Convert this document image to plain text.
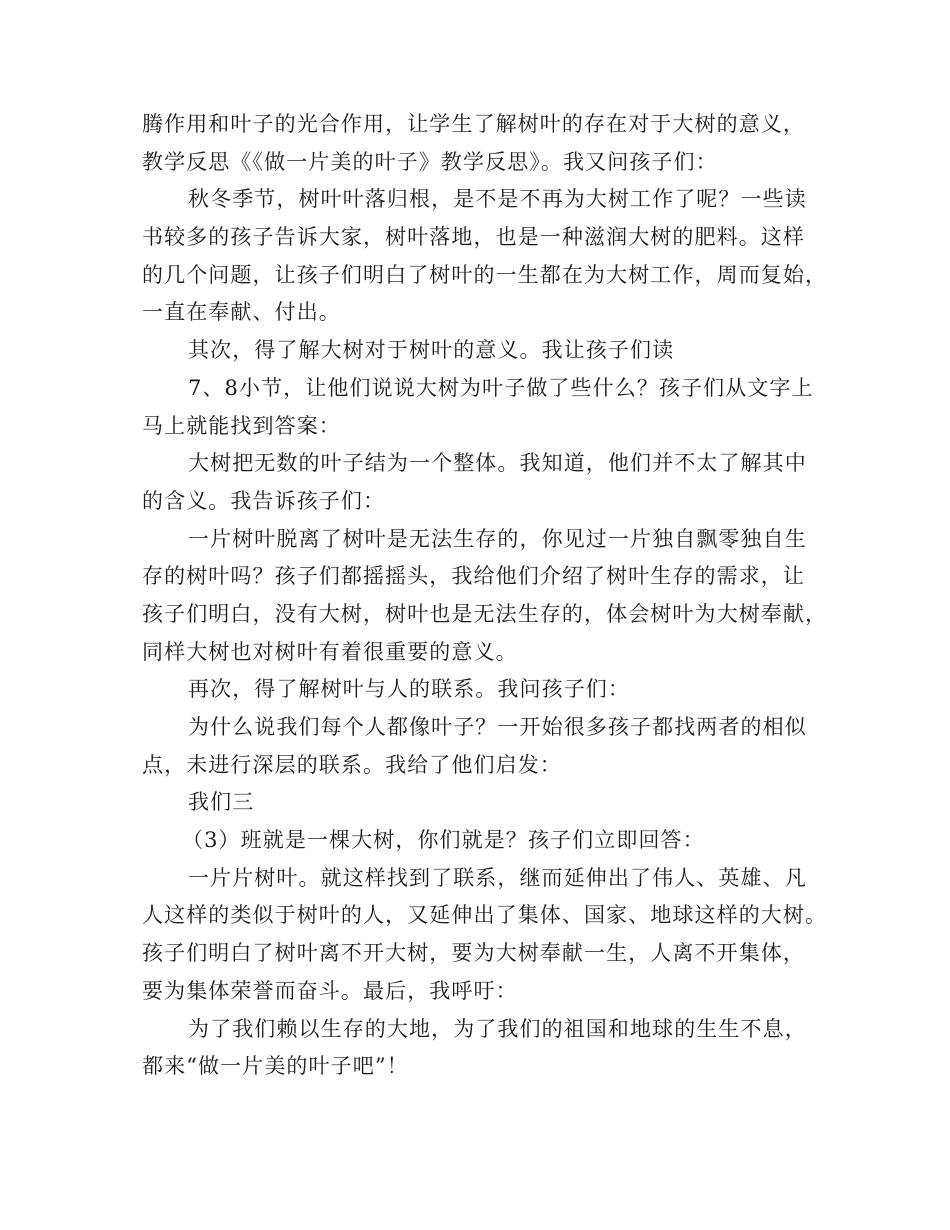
腾作用和叶子的光合作用，让学生了解树叶的存在对于大树的意义，
教学反思《《做一片美的叶子》教学反思》。我又问孩子们：
秋冬季节，树叶叶落归根，是不是不再为大树工作了呢？一些读
书较多的孩子告诉大家，树叶落地，也是一种滋润大树的肥料。这样
的几个问题，让孩子们明白了树叶的一生都在为大树工作，周而复始，
一直在奉献、付出。
其次，得了解大树对于树叶的意义。我让孩子们读
7、8小节，让他们说说大树为叶子做了些什么？孩子们从文字上
马上就能找到答案：
大树把无数的叶子结为一个整体。我知道，他们并不太了解其中
的含义。我告诉孩子们：
一片树叶脱离了树叶是无法生存的，你见过一片独自飘零独自生
存的树叶吗？孩子们都摇摇头，我给他们介绍了树叶生存的需求，让
孩子们明白，没有大树，树叶也是无法生存的，体会树叶为大树奉献，
同样大树也对树叶有着很重要的意义。
再次，得了解树叶与人的联系。我问孩子们：
为什么说我们每个人都像叶子？一开始很多孩子都找两者的相似
点，未进行深层的联系。我给了他们启发：
我们三
（3）班就是一棵大树，你们就是？孩子们立即回答：
一片片树叶。就这样找到了联系，继而延伸出了伟人、英雄、凡
人这样的类似于树叶的人，又延伸出了集体、国家、地球这样的大树。
孩子们明白了树叶离不开大树，要为大树奉献一生，人离不开集体，
要为集体荣誉而奋斗。最后，我呼吁：
为了我们赖以生存的大地，为了我们的祖国和地球的生生不息，
都来“做一片美的叶子吧”！
